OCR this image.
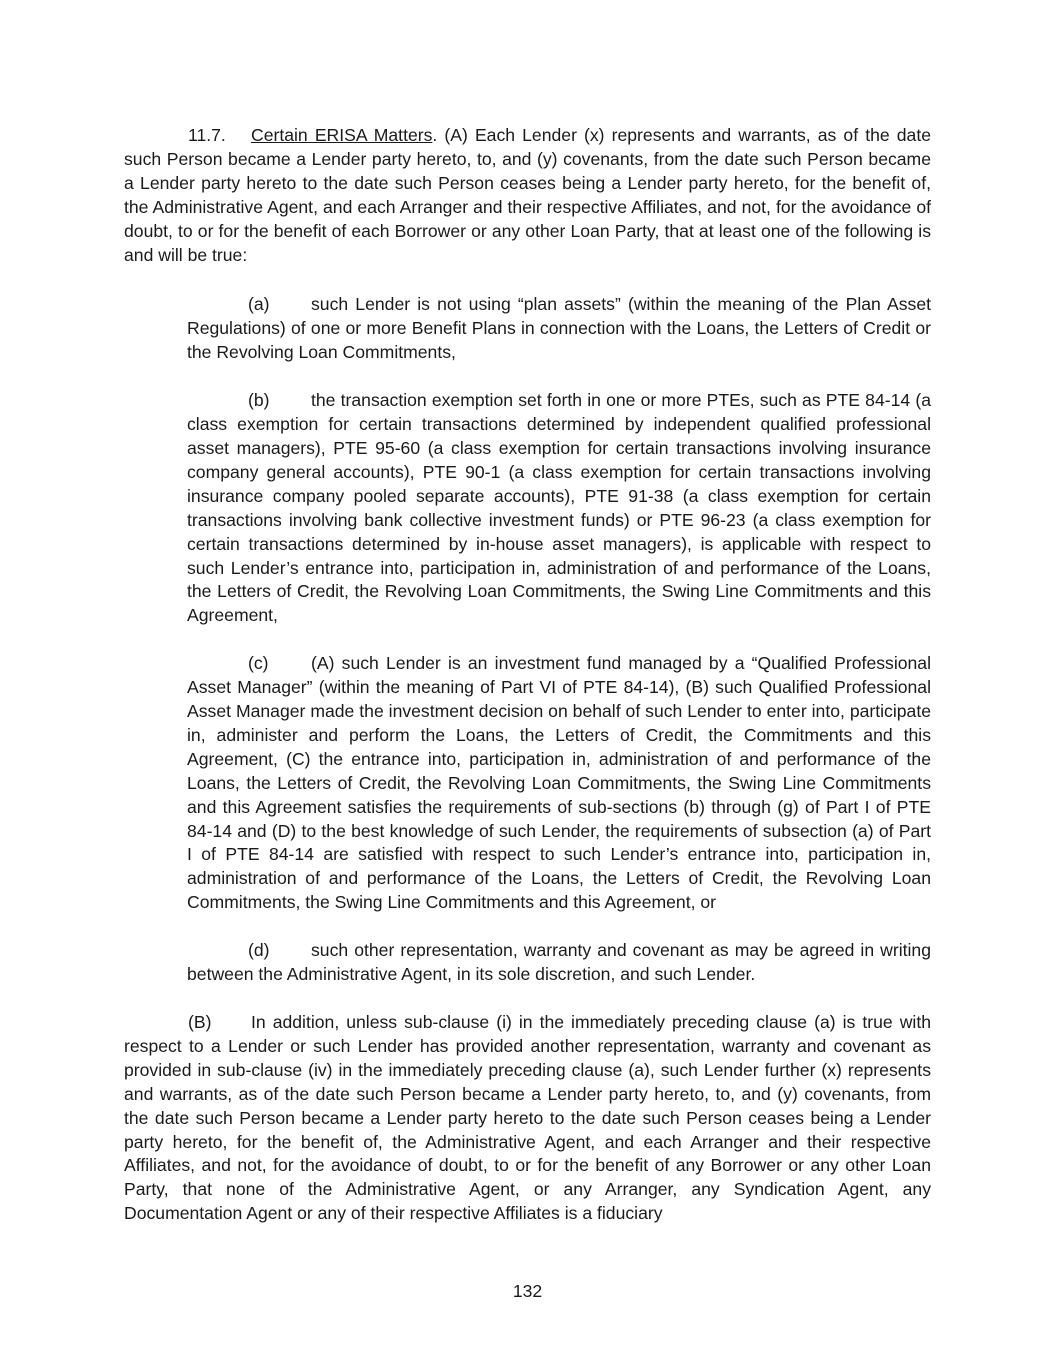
11.7. Certain ERISA Matters. (A) Each Lender (x) represents and warrants, as of the date such Person became a Lender party hereto, to, and (y) covenants, from the date such Person became a Lender party hereto to the date such Person ceases being a Lender party hereto, for the benefit of, the Administrative Agent, and each Arranger and their respective Affiliates, and not, for the avoidance of doubt, to or for the benefit of each Borrower or any other Loan Party, that at least one of the following is and will be true:

(a) such Lender is not using “plan assets” (within the meaning of the Plan Asset Regulations) of one or more Benefit Plans in connection with the Loans, the Letters of Credit or the Revolving Loan Commitments,

(b) the transaction exemption set forth in one or more PTEs, such as PTE 84-14 (a class exemption for certain transactions determined by independent qualified professional asset managers), PTE 95-60 (a class exemption for certain transactions involving insurance company general accounts), PTE 90-1 (a class exemption for certain transactions involving insurance company pooled separate accounts), PTE 91-38 (a class exemption for certain transactions involving bank collective investment funds) or PTE 96-23 (a class exemption for certain transactions determined by in-house asset managers), is applicable with respect to such Lender’s entrance into, participation in, administration of and performance of the Loans, the Letters of Credit, the Revolving Loan Commitments, the Swing Line Commitments and this Agreement,

(c) (A) such Lender is an investment fund managed by a “Qualified Professional Asset Manager” (within the meaning of Part VI of PTE 84-14), (B) such Qualified Professional Asset Manager made the investment decision on behalf of such Lender to enter into, participate in, administer and perform the Loans, the Letters of Credit, the Commitments and this Agreement, (C) the entrance into, participation in, administration of and performance of the Loans, the Letters of Credit, the Revolving Loan Commitments, the Swing Line Commitments and this Agreement satisfies the requirements of sub-sections (b) through (g) of Part I of PTE 84-14 and (D) to the best knowledge of such Lender, the requirements of subsection (a) of Part I of PTE 84-14 are satisfied with respect to such Lender’s entrance into, participation in, administration of and performance of the Loans, the Letters of Credit, the Revolving Loan Commitments, the Swing Line Commitments and this Agreement, or

(d) such other representation, warranty and covenant as may be agreed in writing between the Administrative Agent, in its sole discretion, and such Lender.

(B) In addition, unless sub-clause (i) in the immediately preceding clause (a) is true with respect to a Lender or such Lender has provided another representation, warranty and covenant as provided in sub-clause (iv) in the immediately preceding clause (a), such Lender further (x) represents and warrants, as of the date such Person became a Lender party hereto, to, and (y) covenants, from the date such Person became a Lender party hereto to the date such Person ceases being a Lender party hereto, for the benefit of, the Administrative Agent, and each Arranger and their respective Affiliates, and not, for the avoidance of doubt, to or for the benefit of any Borrower or any other Loan Party, that none of the Administrative Agent, or any Arranger, any Syndication Agent, any Documentation Agent or any of their respective Affiliates is a fiduciary

132
